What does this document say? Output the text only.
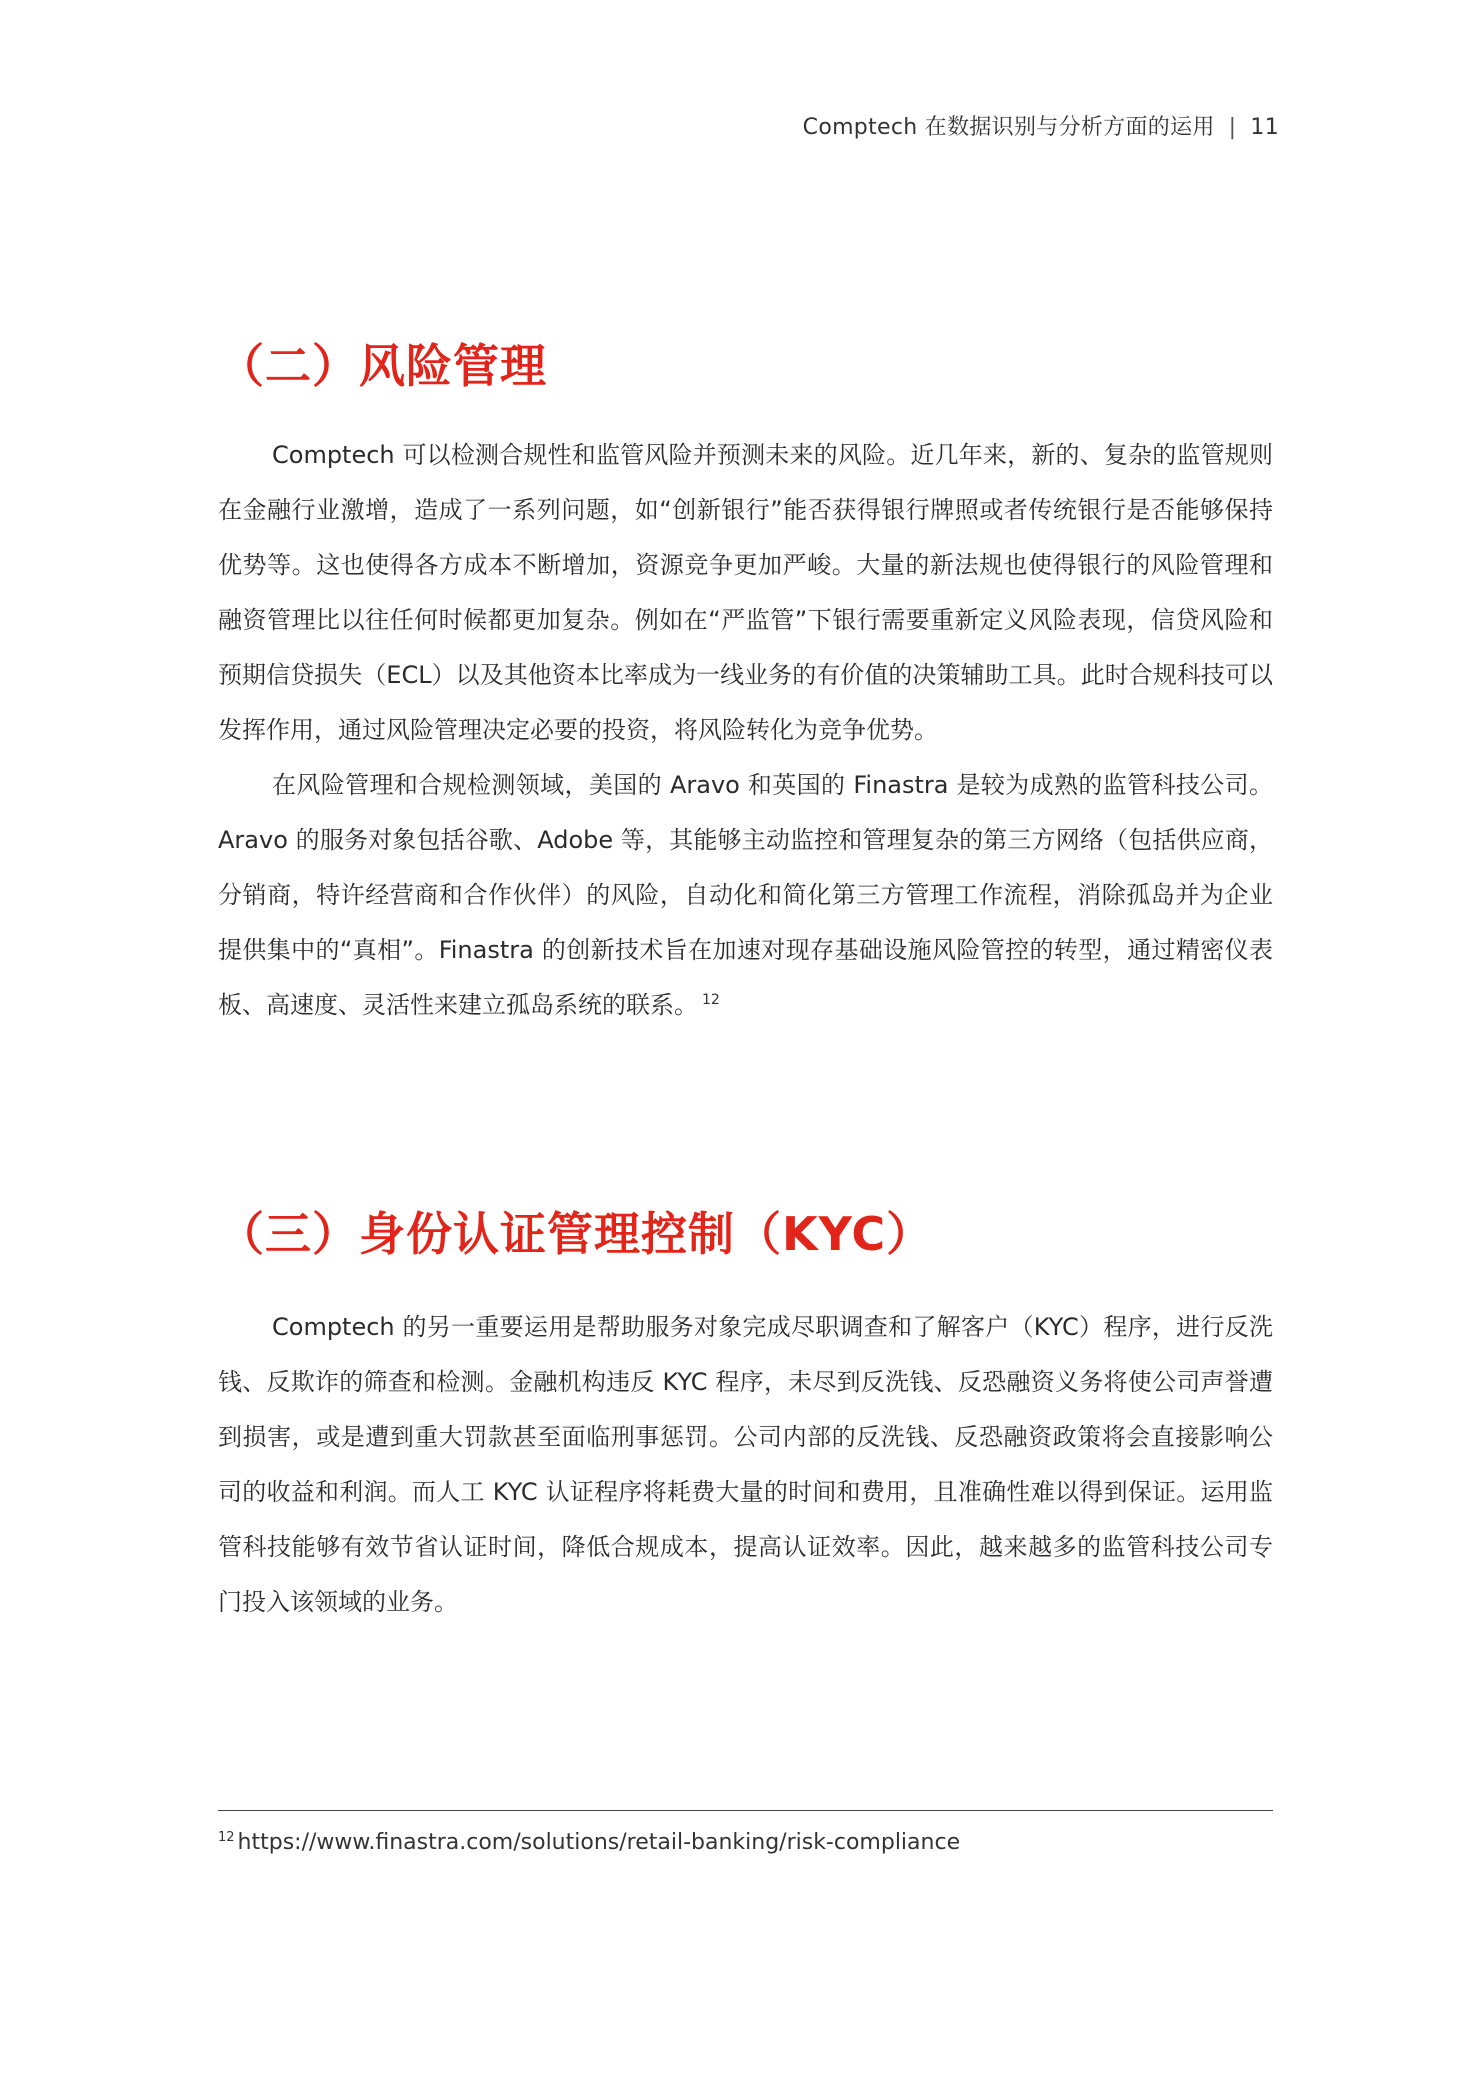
Comptech 在数据识别与分析方面的运用 | 11
（二）风险管理

Comptech 可以检测合规性和监管风险并预测未来的风险。近几年来，新的、复杂的监管规则在金融行业激增，造成了一系列问题，如“创新银行”能否获得银行牌照或者传统银行是否能够保持优势等。这也使得各方成本不断增加，资源竞争更加严峻。大量的新法规也使得银行的风险管理和融资管理比以往任何时候都更加复杂。例如在“严监管”下银行需要重新定义风险表现，信贷风险和预期信贷损失（ECL）以及其他资本比率成为一线业务的有价值的决策辅助工具。此时合规科技可以发挥作用，通过风险管理决定必要的投资，将风险转化为竞争优势。

在风险管理和合规检测领域，美国的 Aravo 和英国的 Finastra 是较为成熟的监管科技公司。Aravo 的服务对象包括谷歌、Adobe 等，其能够主动监控和管理复杂的第三方网络（包括供应商，分销商，特许经营商和合作伙伴）的风险，自动化和简化第三方管理工作流程，消除孤岛并为企业提供集中的“真相”。Finastra 的创新技术旨在加速对现存基础设施风险管控的转型，通过精密仪表板、高速度、灵活性来建立孤岛系统的联系。 $^{12}$

（三）身份认证管理控制（KYC）

Comptech 的另一重要运用是帮助服务对象完成尽职调查和了解客户（KYC）程序，进行反洗钱、反欺诈的筛查和检测。金融机构违反 KYC 程序，未尽到反洗钱、反恐融资义务将使公司声誉遭到损害，或是遭到重大罚款甚至面临刑事惩罚。公司内部的反洗钱、反恐融资政策将会直接影响公司的收益和利润。而人工 KYC 认证程序将耗费大量的时间和费用，且准确性难以得到保证。运用监管科技能够有效节省认证时间，降低合规成本，提高认证效率。因此，越来越多的监管科技公司专门投入该领域的业务。

$^{12}$ https://www.finastra.com/solutions/retail-banking/risk-compliance
